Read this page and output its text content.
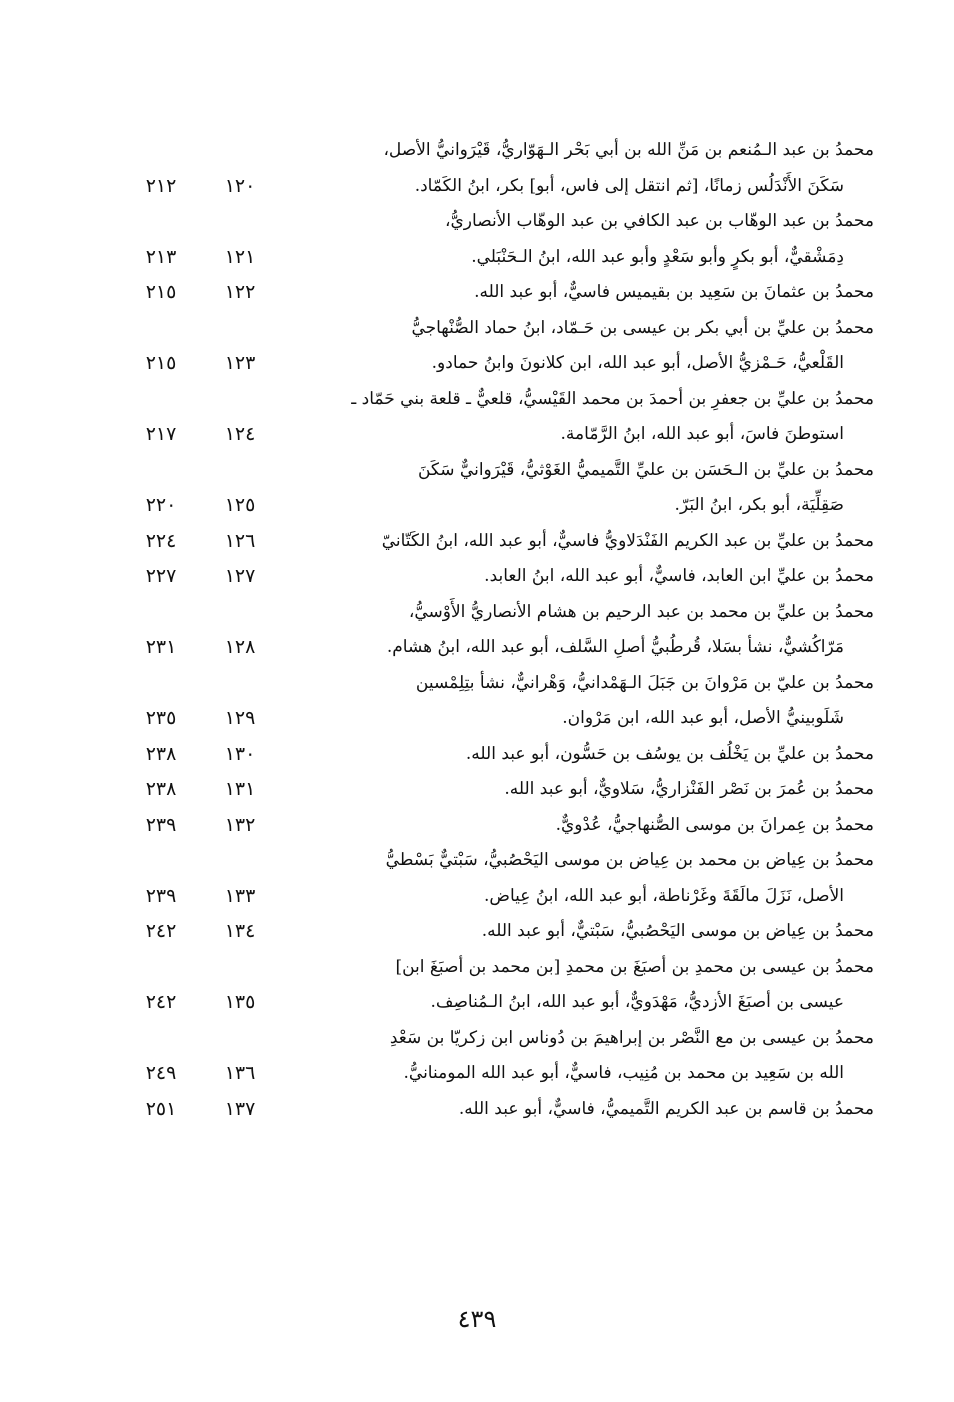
محمدُ بن عبد الـمُنعم بن مَنِّ الله بن أبي بَحْر الـهَوّاريُّ، قَيْرَوانيُّ الأصل،
سَكَنَ الأَنْدَلُس زمانًا، [ثم انتقل إلى فاس، أبو] بكر، ابنُ الكَمّاد.
١٢٠
٢١٢
محمدُ بن عبد الوهّاب بن عبد الكافي بن عبد الوهّاب الأنصاريُّ،
دِمَشْقيٌّ، أبو بكرٍ وأبو سَعْدٍ وأبو عبد الله، ابنُ الـحَنْبَلي.
١٢١
٢١٣
محمدُ بن عثمانَ بن سَعِيد بن بقيميس فاسيٌّ، أبو عبد الله.
١٢٢
٢١٥
محمدُ بن عليِّ بن أبي بكر بن عيسى بن حَـمّاد، ابنُ حماد الصُّنْهاجيُّ
القَلْعيُّ، حَـمْزيُّ الأصل، أبو عبد الله، ابن كلانونَ وابنُ حمادو.
١٢٣
٢١٥
محمدُ بن عليِّ بن جعفرِ بن أحمدَ بن محمد القَيْسيُّ، قلعيٌّ ـ قلعة بني حَمّاد ـ
استوطنَ فاسَ، أبو عبد الله، ابنُ الرَّمّامة.
١٢٤
٢١٧
محمدُ بن عليِّ بن الـحَسَن بن عليِّ التَّميميُّ الغَوْثيُّ، قَيْرَوانيٌّ سَكَنَ
صَقِلِّيَة، أبو بكر، ابنُ البَرّ.
١٢٥
٢٢٠
محمدُ بن عليِّ بن عبد الكريم الفَنْدَلاويُّ فاسيٌّ، أبو عبد الله، ابنُ الكَتّانيّ
١٢٦
٢٢٤
محمدُ بن عليِّ ابن العابد، فاسيٌّ، أبو عبد الله، ابنُ العابد.
١٢٧
٢٢٧
محمدُ بن عليِّ بن محمد بن عبد الرحيم بن هشام الأنصاريُّ الأَوْسيُّ،
مَرّاكُشيٌّ، نشأ بسَلا، قُرطُبيُّ أصلِ السَّلف، أبو عبد الله، ابنُ هشام.
١٢٨
٢٣١
محمدُ بن عليّ بن مَرْوانَ بن جَبَلَ الـهَمْدانيُّ، وَهْرانيٌّ، نشأ بتِلِمْسين
شَلَوبينيُّ الأصل، أبو عبد الله، ابن مَرْوان.
١٢٩
٢٣٥
محمدُ بن عليِّ بن يَخْلُف بن يوسُف بن حَسُّون، أبو عبد الله.
١٣٠
٢٣٨
محمدُ بن عُمرَ بن نَصْر الفَنْزاريُّ، سَلاويٌّ، أبو عبد الله.
١٣١
٢٣٨
محمدُ بن عِمرانَ بن موسى الصُّنهاجيُّ، عُدْويٌّ.
١٣٢
٢٣٩
محمدُ بن عِياض بن محمد بن عِياض بن موسى اليَحْصُبيُّ، سَبْتيٌّ بَسْطيُّ
الأصل، نَزَلَ مالَقَةَ وغَرْناطة، أبو عبد الله، ابنُ عِياض.
١٣٣
٢٣٩
محمدُ بن عِياض بن موسى اليَحْصُبيُّ، سَبْتيٌّ، أبو عبد الله.
١٣٤
٢٤٢
محمدُ بن عيسى بن محمدِ بن أصبَغَ بن محمدِ [بن محمد بن أصبَغَ ابن]
عيسى بن أصبَغَ الأزديُّ، مَهْدَويٌّ، أبو عبد الله، ابنُ الـمُناصِف.
١٣٥
٢٤٢
محمدُ بن عيسى بن مع النَّصْر بن إبراهيمَ بن دُوناس ابن زكريّا بن سَعْدِ
الله بن سَعِيد بن محمد بن مُنِيب، فاسيٌّ، أبو عبد الله المومنانيُّ.
١٣٦
٢٤٩
محمدُ بن قاسم بن عبد الكريم التَّميميُّ، فاسيٌّ، أبو عبد الله.
١٣٧
٢٥١
٤٣٩
